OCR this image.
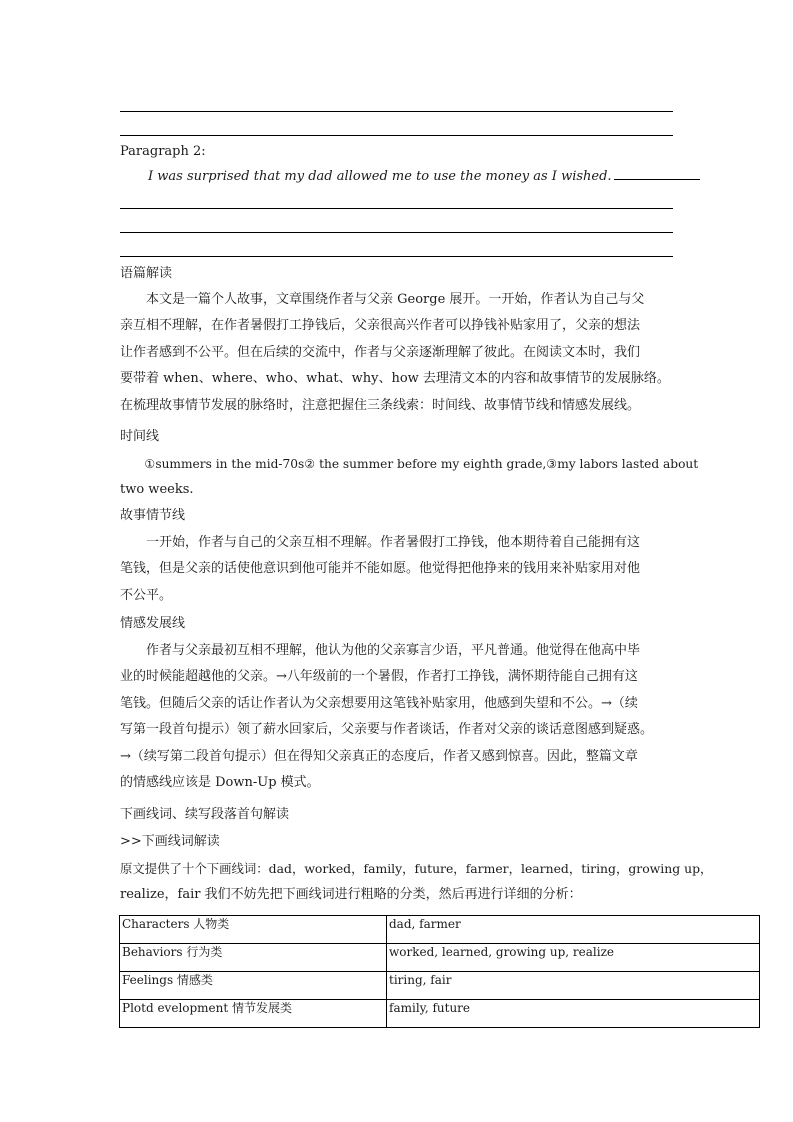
Paragraph 2:
I was surprised that my dad allowed me to use the money as I wished.
语篇解读
本文是一篇个人故事，文章围绕作者与父亲 George 展开。一开始，作者认为自己与父
亲互相不理解，在作者暑假打工挣钱后，父亲很高兴作者可以挣钱补贴家用了，父亲的想法
让作者感到不公平。但在后续的交流中，作者与父亲逐渐理解了彼此。在阅读文本时，我们
要带着 when、where、who、what、why、how 去理清文本的内容和故事情节的发展脉络。
在梳理故事情节发展的脉络时，注意把握住三条线索：时间线、故事情节线和情感发展线。
时间线
①summers in the mid-70s② the summer before my eighth grade,③my labors lasted about
two weeks.
故事情节线
一开始，作者与自己的父亲互相不理解。作者暑假打工挣钱，他本期待着自己能拥有这
笔钱，但是父亲的话使他意识到他可能并不能如愿。他觉得把他挣来的钱用来补贴家用对他
不公平。
情感发展线
作者与父亲最初互相不理解，他认为他的父亲寡言少语，平凡普通。他觉得在他高中毕
业的时候能超越他的父亲。→八年级前的一个暑假，作者打工挣钱，满怀期待能自己拥有这
笔钱。但随后父亲的话让作者认为父亲想要用这笔钱补贴家用，他感到失望和不公。→（续
写第一段首句提示）领了薪水回家后，父亲要与作者谈话，作者对父亲的谈话意图感到疑惑。
→（续写第二段首句提示）但在得知父亲真正的态度后，作者又感到惊喜。因此，整篇文章
的情感线应该是 Down-Up 模式。
下画线词、续写段落首句解读
>>下画线词解读
原文提供了十个下画线词：dad，worked，family，future，farmer，learned，tiring，growing up，
realize，fair 我们不妨先把下画线词进行粗略的分类，然后再进行详细的分析：
Characters 人物类	dad, farmer
Behaviors 行为类	worked, learned, growing up, realize
Feelings 情感类	tiring, fair
Plotd evelopment 情节发展类	family, future
